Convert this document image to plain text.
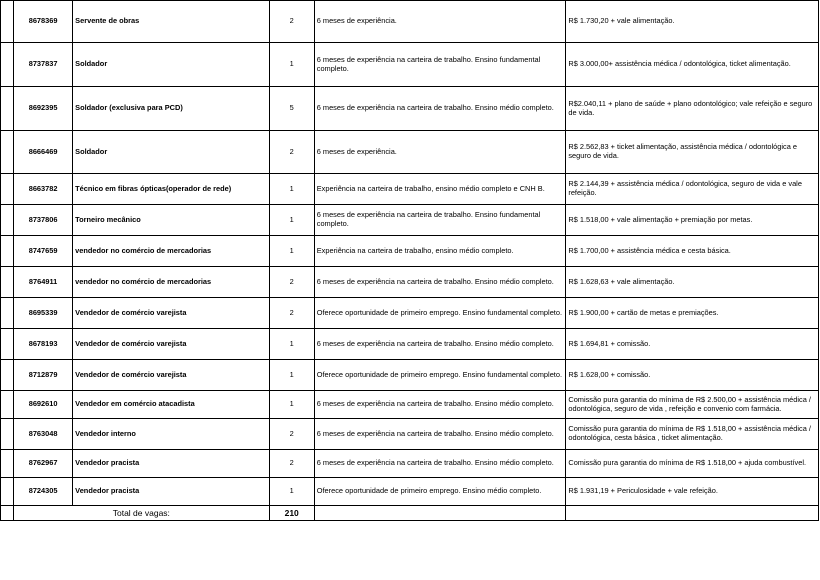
	8678369	Servente de obras	2	6 meses de experiência.	R$ 1.730,20 + vale alimentação.
	8737837	Soldador	1	6 meses de experiência na carteira de trabalho. Ensino fundamental completo.	R$ 3.000,00+ assistência médica / odontológica, ticket alimentação.
	8692395	Soldador (exclusiva para PCD)	5	6 meses de experiência na carteira de trabalho. Ensino médio completo.	R$2.040,11 + plano de saúde + plano odontológico; vale refeição e seguro de vida.
	8666469	Soldador	2	6 meses de experiência.	R$ 2.562,83 + ticket alimentação, assistência médica / odontológica e seguro de vida.
	8663782	Técnico em fibras ópticas(operador de rede)	1	Experiência na carteira de trabalho, ensino médio completo e CNH B.	R$ 2.144,39 + assistência médica / odontológica, seguro de vida e vale refeição.
	8737806	Torneiro mecânico	1	6 meses de experiência na carteira de trabalho. Ensino fundamental completo.	R$ 1.518,00 + vale alimentação + premiação por metas.
	8747659	vendedor no comércio de mercadorias	1	Experiência na carteira de trabalho, ensino médio completo.	R$ 1.700,00 + assistência médica e cesta básica.
	8764911	vendedor no comércio de mercadorias	2	6 meses de experiência na carteira de trabalho. Ensino médio completo.	R$ 1.628,63 + vale alimentação.
	8695339	Vendedor de comércio varejista	2	Oferece oportunidade de primeiro emprego. Ensino fundamental completo.	R$ 1.900,00 + cartão de metas e premiações.
	8678193	Vendedor de comércio varejista	1	6 meses de experiência na carteira de trabalho. Ensino médio completo.	R$ 1.694,81 + comissão.
	8712879	Vendedor de comércio varejista	1	Oferece oportunidade de primeiro emprego. Ensino fundamental completo.	R$ 1.628,00 + comissão.
	8692610	Vendedor em comércio atacadista	1	6 meses de experiência na carteira de trabalho. Ensino médio completo.	Comissão pura garantia do mínima de R$ 2.500,00 + assistência médica / odontológica, seguro de vida , refeição e convenio com farmácia.
	8763048	Vendedor interno	2	6 meses de experiência na carteira de trabalho. Ensino médio completo.	Comissão pura garantia do mínima de R$ 1.518,00 + assistência médica / odontológica, cesta básica , ticket alimentação.
	8762967	Vendedor pracista	2	6 meses de experiência na carteira de trabalho. Ensino médio completo.	Comissão pura garantia do mínima de R$ 1.518,00 + ajuda combustível.
	8724305	Vendedor pracista	1	Oferece oportunidade de primeiro emprego. Ensino médio completo.	R$ 1.931,19 + Periculosidade + vale refeição.
	Total de vagas:		210		
